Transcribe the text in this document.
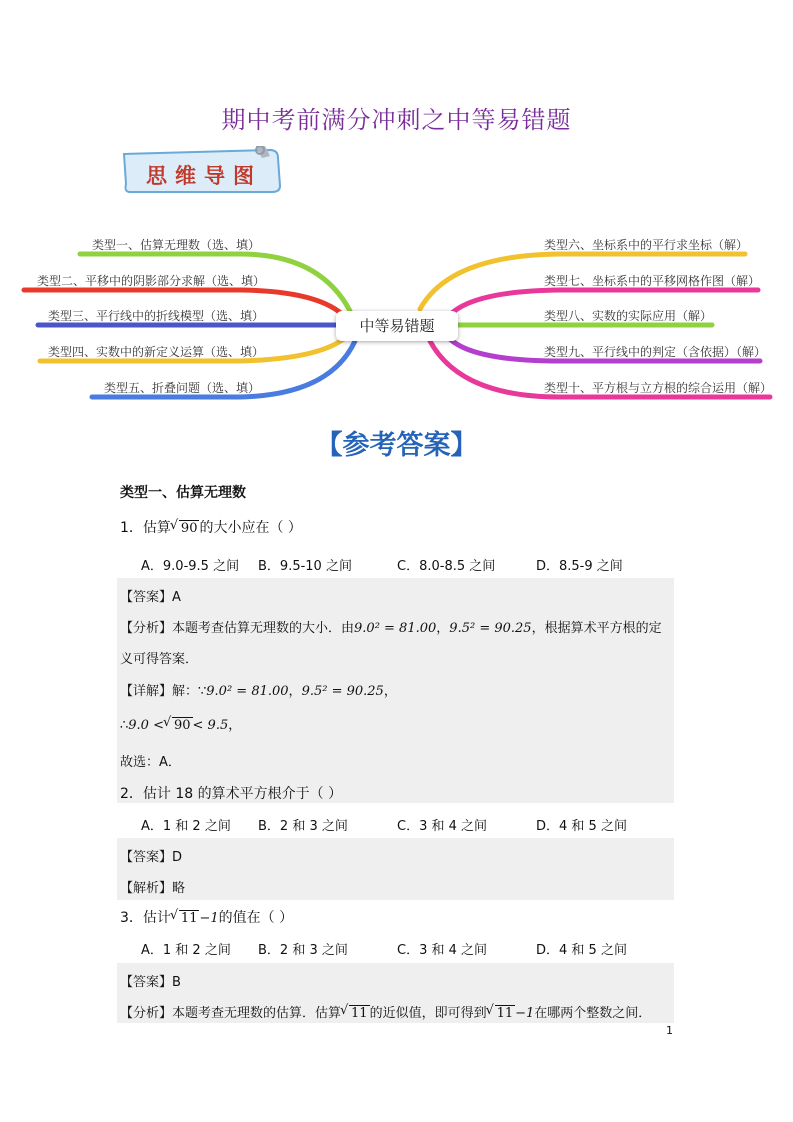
期中考前满分冲刺之中等易错题
思维导图
类型一、估算无理数（选、填）
类型二、平移中的阴影部分求解（选、填）
类型三、平行线中的折线模型（选、填）
类型四、实数中的新定义运算（选、填）
类型五、折叠问题（选、填）
类型六、坐标系中的平行求坐标（解）
类型七、坐标系中的平移网格作图（解）
类型八、实数的实际应用（解）
类型九、平行线中的判定（含依据）（解）
类型十、平方根与立方根的综合运用（解）
中等易错题
【参考答案】
类型一、估算无理数
1．估算 √ 90 的大小应在（ ）
A．9.0-9.5 之间 B．9.5-10 之间	C．8.0-8.5 之间	D．8.5-9 之间
【答案】A
【分析】本题考查估算无理数的大小．由9.0² = 81.00，9.5² = 90.25，根据算术平方根的定
义可得答案．
【详解】解：∵9.0² = 81.00，9.5² = 90.25，
∴9.0 < √ 90 < 9.5，
故选：A．
2．估计 18 的算术平方根介于（ ）
A．1 和 2 之间 B．2 和 3 之间	C．3 和 4 之间	D．4 和 5 之间
【答案】D
【解析】略
3．估计 √ 11 −1的值在（ ）
A．1 和 2 之间 B．2 和 3 之间	C．3 和 4 之间	D．4 和 5 之间
【答案】B
【分析】本题考查无理数的估算．估算 √ 11 的近似值，即可得到 √ 11 −1在哪两个整数之间．
1
